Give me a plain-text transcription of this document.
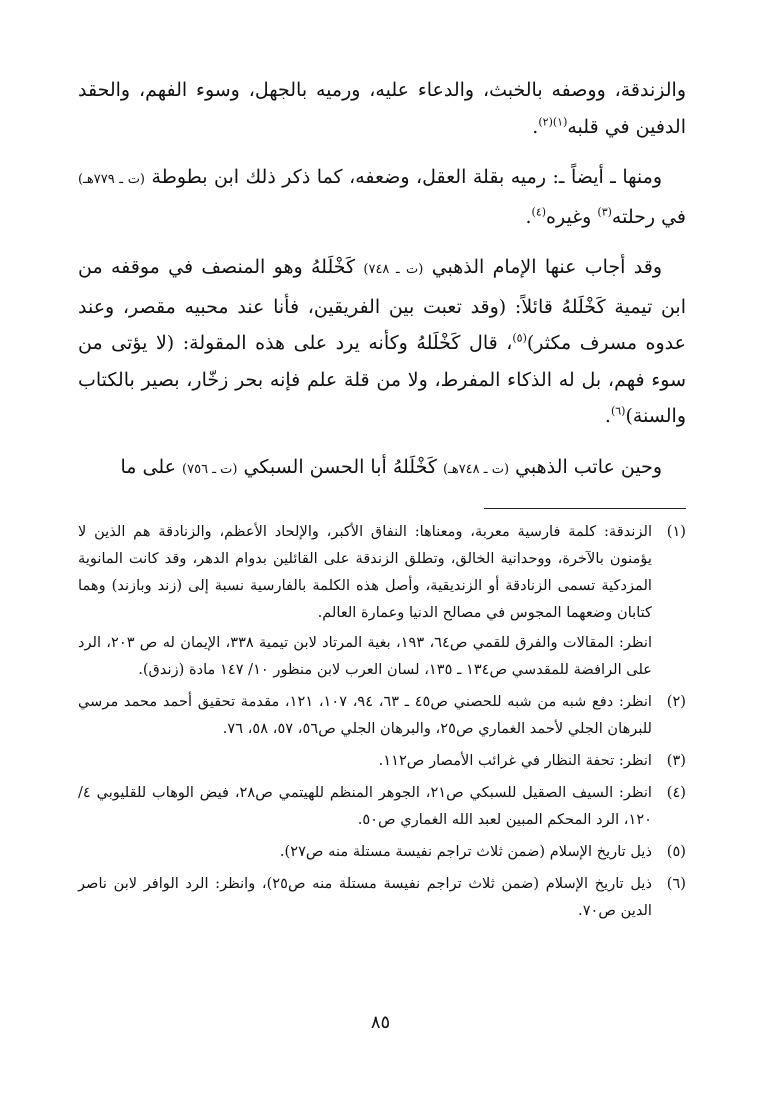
والزندقة، ووصفه بالخبث، والدعاء عليه، ورميه بالجهل، وسوء الفهم، والحقد الدفين في قلبه$^{(١)(٢)}$.

ومنها ـ أيضاً ـ: رميه بقلة العقل، وضعفه، كما ذكر ذلك ابن بطوطة (ت ـ ٧٧٩هـ) في رحلته$^{(٣)}$ وغيره$^{(٤)}$.

وقد أجاب عنها الإمام الذهبي (ت ـ ٧٤٨) كَخْلَلهُ وهو المنصف في موقفه من ابن تيمية كَخْلَلهُ قائلاً: (وقد تعبت بين الفريقين، فأنا عند محبيه مقصر، وعند عدوه مسرف مكثر)$^{(٥)}$، قال كَخْلَلهُ وكأنه يرد على هذه المقولة: (لا يؤتى من سوء فهم، بل له الذكاء المفرط، ولا من قلة علم فإنه بحر زخّار، بصير بالكتاب والسنة)$^{(٦)}$.

وحين عاتب الذهبي (ت ـ ٧٤٨هـ) كَخْلَلهُ أبا الحسن السبكي (ت ـ ٧٥٦) على ما

(١)

الزندقة: كلمة فارسية معربة، ومعناها: النفاق الأكبر، والإلحاد الأعظم، والزنادقة هم الذين لا يؤمنون بالآخرة، ووحدانية الخالق، وتطلق الزندقة على القائلين بدوام الدهر، وقد كانت المانوية المزدكية تسمى الزنادقة أو الزنديقية، وأصل هذه الكلمة بالفارسية نسبة إلى (زند وبازند) وهما كتابان وضعهما المجوس في مصالح الدنيا وعمارة العالم.

انظر: المقالات والفرق للقمي ص٦٤، ١٩٣، بغية المرتاد لابن تيمية ٣٣٨، الإيمان له ص ٢٠٣، الرد على الرافضة للمقدسي ص١٣٤ ـ ١٣٥، لسان العرب لابن منظور ١٠/ ١٤٧ مادة (زندق).

(٢)

انظر: دفع شبه من شبه للحصني ص٤٥ ـ ٦٣، ٩٤، ١٠٧، ١٢١، مقدمة تحقيق أحمد محمد مرسي للبرهان الجلي لأحمد الغماري ص٢٥، والبرهان الجلي ص٥٦، ٥٧، ٥٨، ٧٦.

(٣)

انظر: تحفة النظار في غرائب الأمصار ص١١٢.

(٤)

انظر: السيف الصقيل للسبكي ص٢١، الجوهر المنظم للهيتمي ص٢٨، فيض الوهاب للقليوبي ٤/ ١٢٠، الرد المحكم المبين لعبد الله الغماري ص٥٠.

(٥)

ذيل تاريخ الإسلام (ضمن ثلاث تراجم نفيسة مستلة منه ص٢٧).

(٦)

ذيل تاريخ الإسلام (ضمن ثلاث تراجم نفيسة مستلة منه ص٢٥)، وانظر: الرد الوافر لابن ناصر الدين ص٧٠.

٨٥
